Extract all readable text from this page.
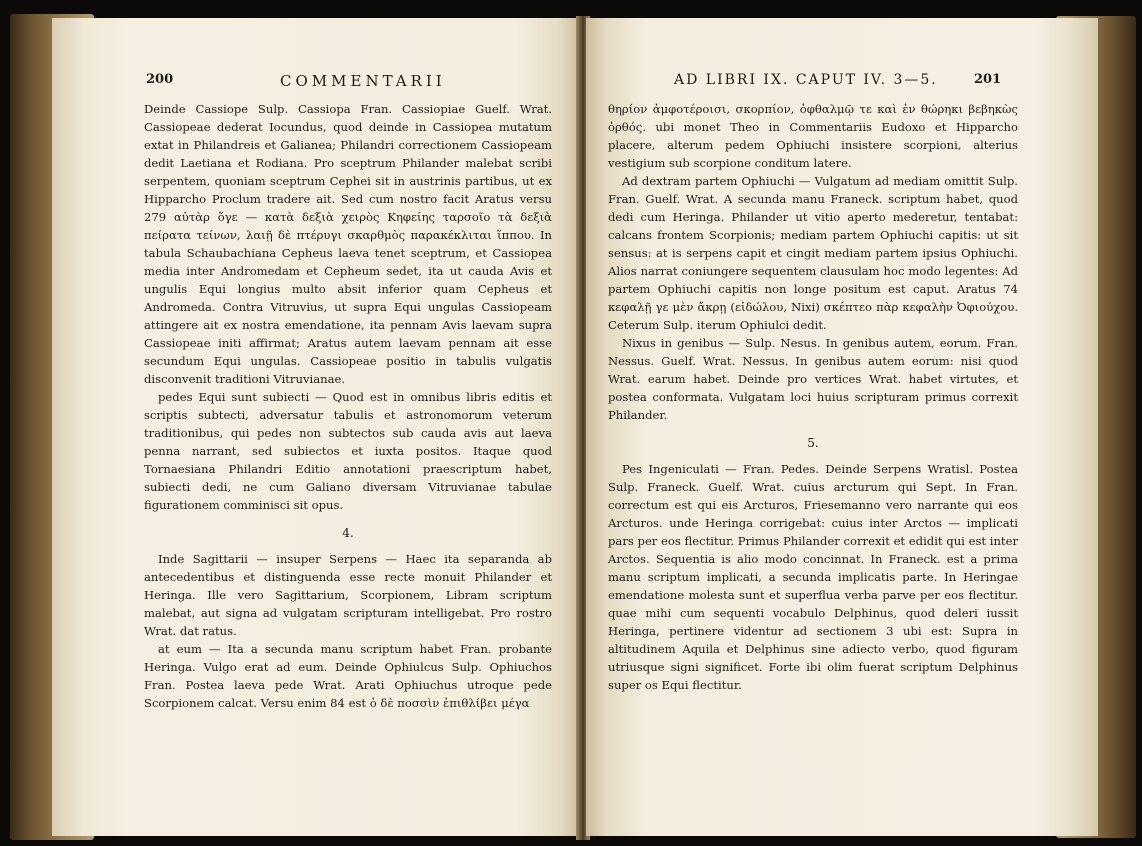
200	COMMENTARII

Deinde Cassiope Sulp. Cassiopa Fran. Cassiopiae Guelf. Wrat. Cassiopeae dederat Iocundus, quod deinde in Cassiopea mutatum extat in Philandreis et Galianea; Philandri correctionem Cassiopeam dedit Laetiana et Rodiana. Pro sceptrum Philander malebat scribi serpentem, quoniam sceptrum Cephei sit in austrinis partibus, ut ex Hipparcho Proclum tradere ait. Sed cum nostro facit Aratus versu 279 αὐτὰρ ὅγε — κατὰ δεξιὰ χειρὸς Κηφείης ταρσοῖο τὰ δεξιὰ πείρατα τείνων, λαιῇ δὲ πτέρυγι σκαρθμὸς παρακέκλιται ἵππου. In tabula Schaubachiana Cepheus laeva tenet sceptrum, et Cassiopea media inter Andromedam et Cepheum sedet, ita ut cauda Avis et ungulis Equi longius multo absit inferior quam Cepheus et Andromeda. Contra Vitruvius, ut supra Equi ungulas Cassiopeam attingere ait ex nostra emendatione, ita pennam Avis laevam supra Cassiopeae initi affirmat; Aratus autem laevam pennam ait esse secundum Equi ungulas. Cassiopeae positio in tabulis vulgatis disconvenit traditioni Vitruvianae.

pedes Equi sunt subiecti — Quod est in omnibus libris editis et scriptis subtecti, adversatur tabulis et astronomorum veterum traditionibus, qui pedes non subtectos sub cauda avis aut laeva penna narrant, sed subiectos et iuxta positos. Itaque quod Tornaesiana Philandri Editio annotationi praescriptum habet, subiecti dedi, ne cum Galiano diversam Vitruvianae tabulae figurationem comminisci sit opus.

4.

Inde Sagittarii — insuper Serpens — Haec ita separanda ab antecedentibus et distinguenda esse recte monuit Philander et Heringa. Ille vero Sagittarium, Scorpionem, Libram scriptum malebat, aut signa ad vulgatam scripturam intelligebat. Pro rostro Wrat. dat ratus.

at eum — Ita a secunda manu scriptum habet Fran. probante Heringa. Vulgo erat ad eum. Deinde Ophiulcus Sulp. Ophiuchos Fran. Postea laeva pede Wrat. Arati Ophiuchus utroque pede Scorpionem calcat. Versu enim 84 est ὁ δὲ ποσσὶν ἐπιθλίβει μέγα

AD LIBRI IX. CAPUT IV. 3—5.	201

θηρίον ἀμφοτέροισι, σκορπίον, ὀφθαλμῷ τε καὶ ἐν θώρηκι βεβηκὼς ὀρθός. ubi monet Theo in Commentariis Eudoxo et Hipparcho placere, alterum pedem Ophiuchi insistere scorpioni, alterius vestigium sub scorpione conditum latere.

Ad dextram partem Ophiuchi — Vulgatum ad mediam omittit Sulp. Fran. Guelf. Wrat. A secunda manu Franeck. scriptum habet, quod dedi cum Heringa. Philander ut vitio aperto mederetur, tentabat: calcans frontem Scorpionis; mediam partem Ophiuchi capitis: ut sit sensus: at is serpens capit et cingit mediam partem ipsius Ophiuchi. Alios narrat coniungere sequentem clausulam hoc modo legentes: Ad partem Ophiuchi capitis non longe positum est caput. Aratus 74 κεφαλῇ γε μὲν ἄκρῃ (εἰδώλου, Nixi) σκέπτεο πὰρ κεφαλὴν Ὀφιούχου. Ceterum Sulp. iterum Ophiulci dedit.

Nixus in genibus — Sulp. Nesus. In genibus autem, eorum. Fran. Nessus. Guelf. Wrat. Nessus. In genibus autem eorum: nisi quod Wrat. earum habet. Deinde pro vertices Wrat. habet virtutes, et postea conformata. Vulgatam loci huius scripturam primus correxit Philander.

5.

Pes Ingeniculati — Fran. Pedes. Deinde Serpens Wratisl. Postea Sulp. Franeck. Guelf. Wrat. cuius arcturum qui Sept. In Fran. correctum est qui eis Arcturos, Friesemanno vero narrante qui eos Arcturos. unde Heringa corrigebat: cuius inter Arctos — implicati pars per eos flectitur. Primus Philander correxit et edidit qui est inter Arctos. Sequentia is alio modo concinnat. In Franeck. est a prima manu scriptum implicati, a secunda implicatis parte. In Heringae emendatione molesta sunt et superflua verba parve per eos flectitur. quae mihi cum sequenti vocabulo Delphinus, quod deleri iussit Heringa, pertinere videntur ad sectionem 3 ubi est: Supra in altitudinem Aquila et Delphinus sine adiecto verbo, quod figuram utriusque signi significet. Forte ibi olim fuerat scriptum Delphinus super os Equi flectitur.
